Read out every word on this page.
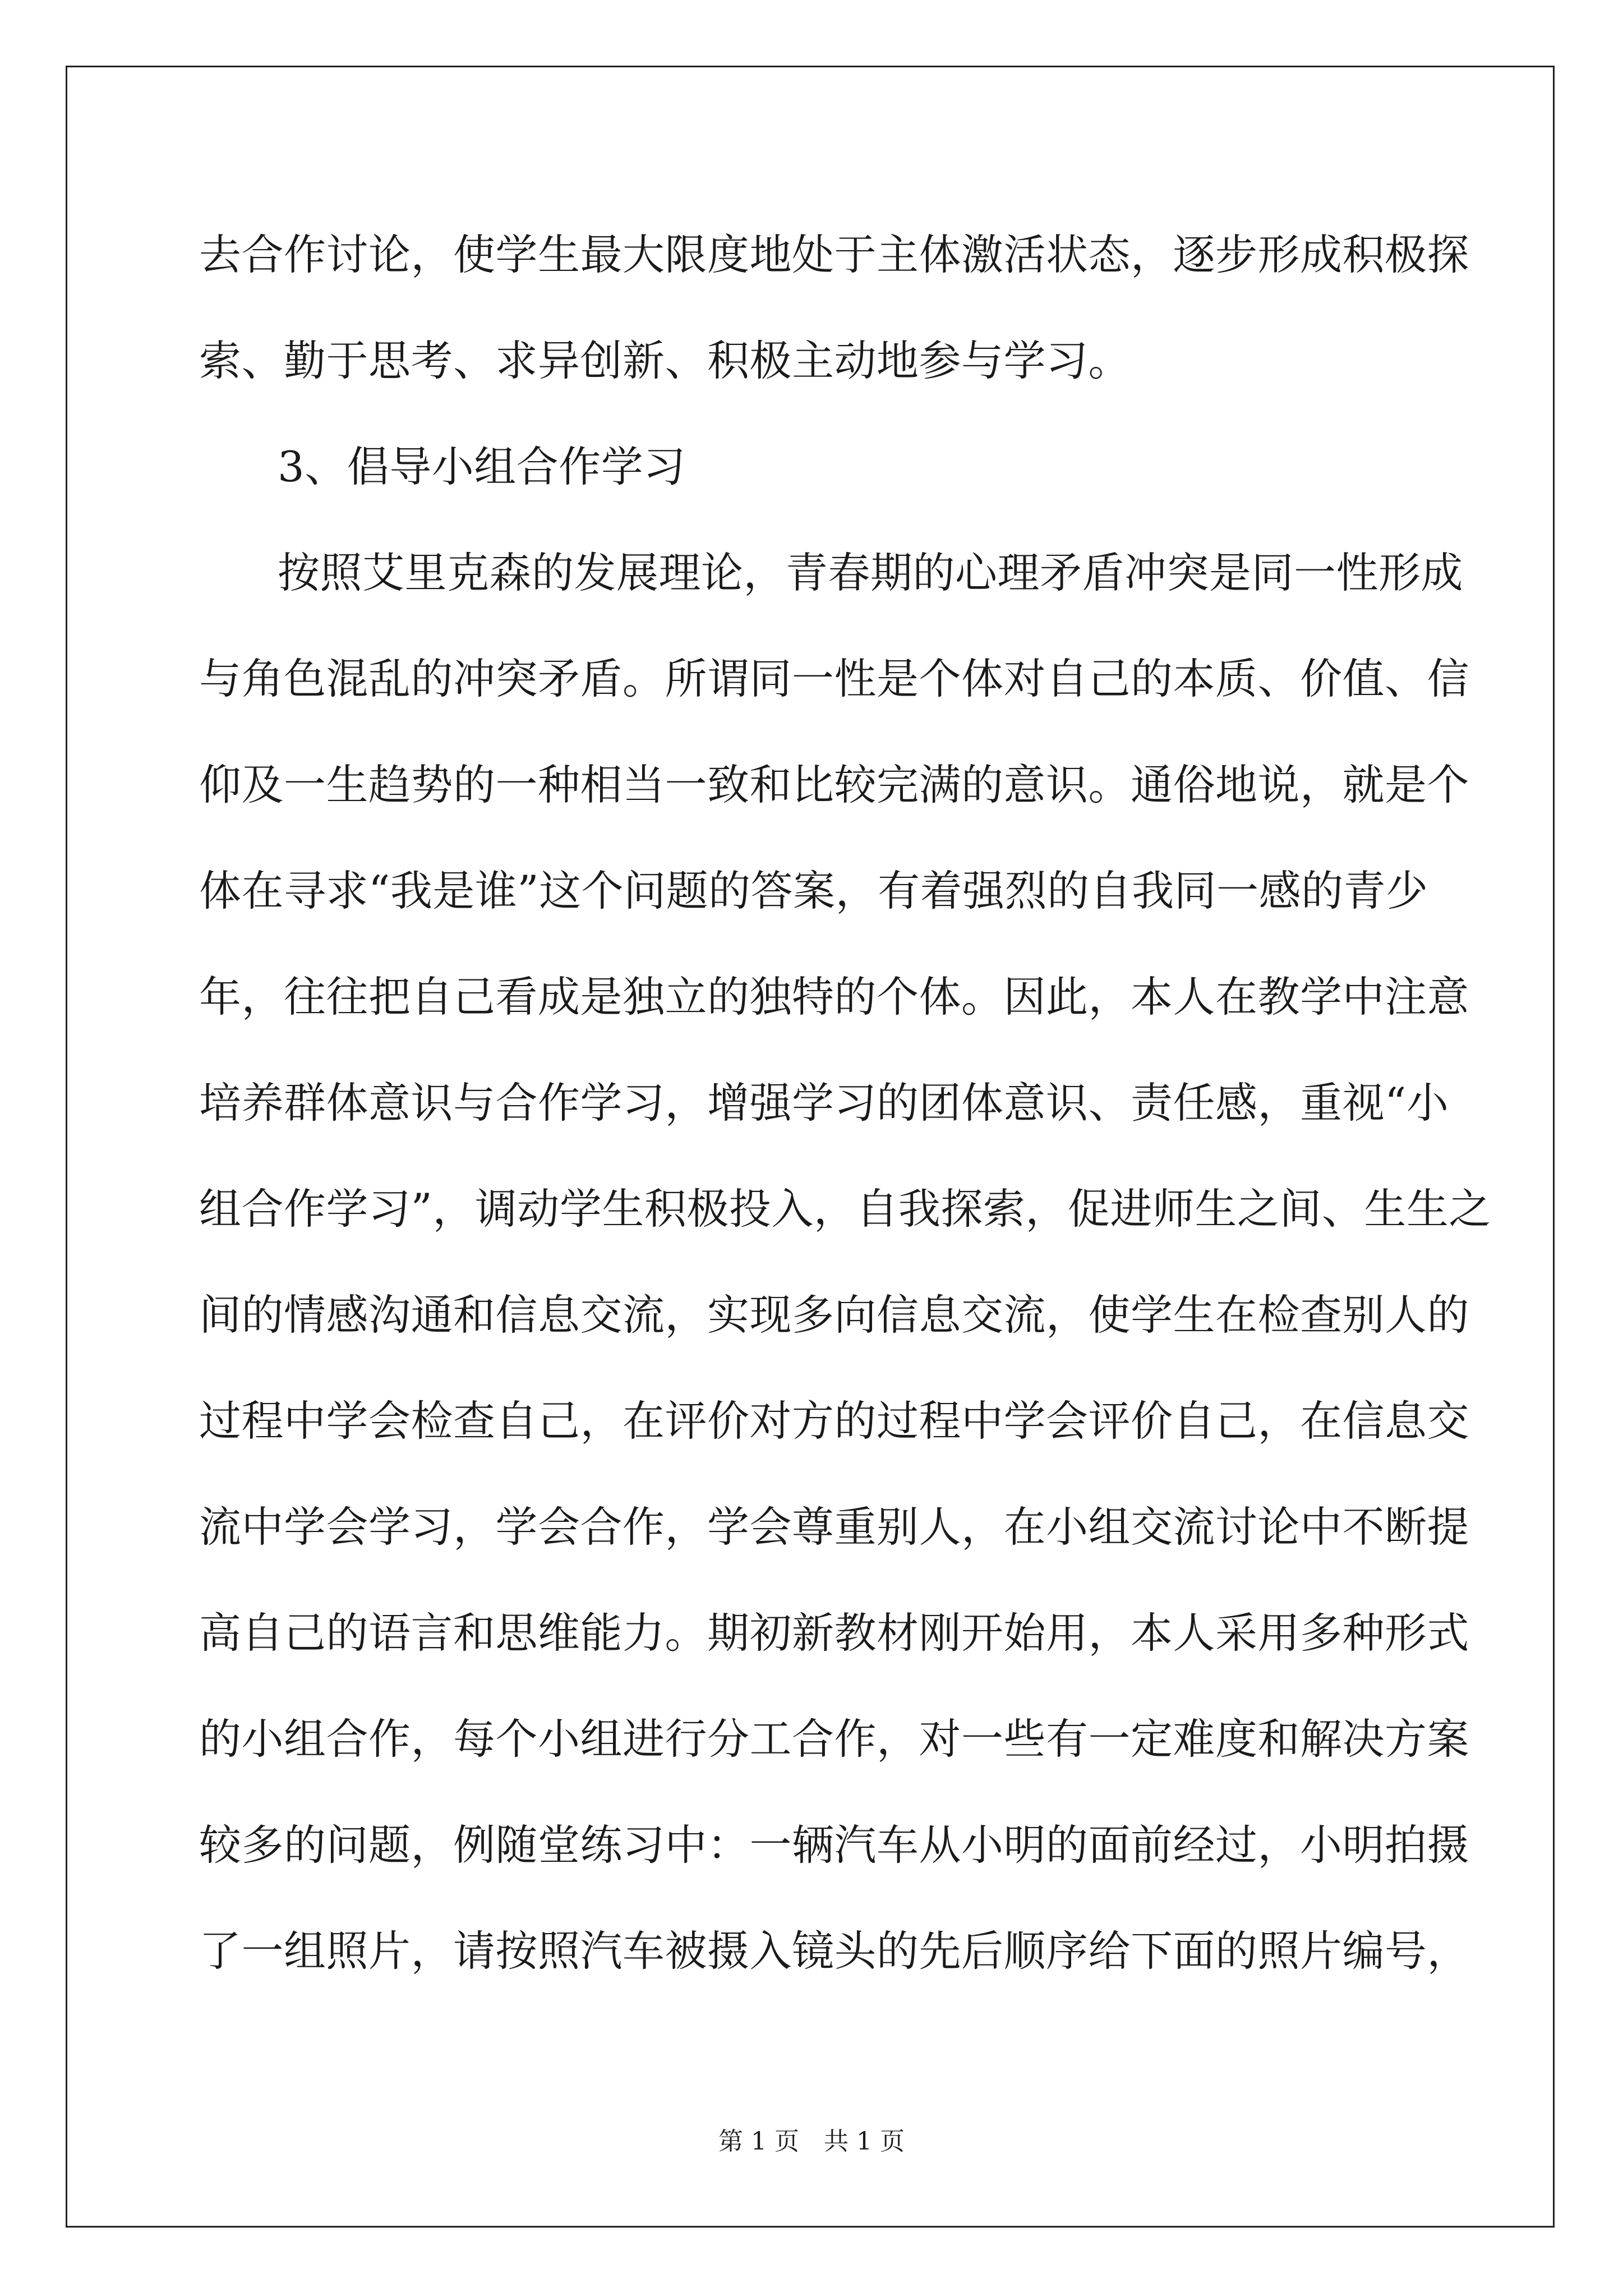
去合作讨论，使学生最大限度地处于主体激活状态，逐步形成积极探
索、勤于思考、求异创新、积极主动地参与学习。
3、倡导小组合作学习
按照艾里克森的发展理论，青春期的心理矛盾冲突是同一性形成
与角色混乱的冲突矛盾。所谓同一性是个体对自己的本质、价值、信
仰及一生趋势的一种相当一致和比较完满的意识。通俗地说，就是个
体在寻求“我是谁”这个问题的答案，有着强烈的自我同一感的青少
年，往往把自己看成是独立的独特的个体。因此，本人在教学中注意
培养群体意识与合作学习，增强学习的团体意识、责任感，重视“小
组合作学习”，调动学生积极投入，自我探索，促进师生之间、生生之
间的情感沟通和信息交流，实现多向信息交流，使学生在检查别人的
过程中学会检查自己，在评价对方的过程中学会评价自己，在信息交
流中学会学习，学会合作，学会尊重别人，在小组交流讨论中不断提
高自己的语言和思维能力。期初新教材刚开始用，本人采用多种形式
的小组合作，每个小组进行分工合作，对一些有一定难度和解决方案
较多的问题，例随堂练习中：一辆汽车从小明的面前经过，小明拍摄
了一组照片，请按照汽车被摄入镜头的先后顺序给下面的照片编号，
第 1 页 共 1 页
